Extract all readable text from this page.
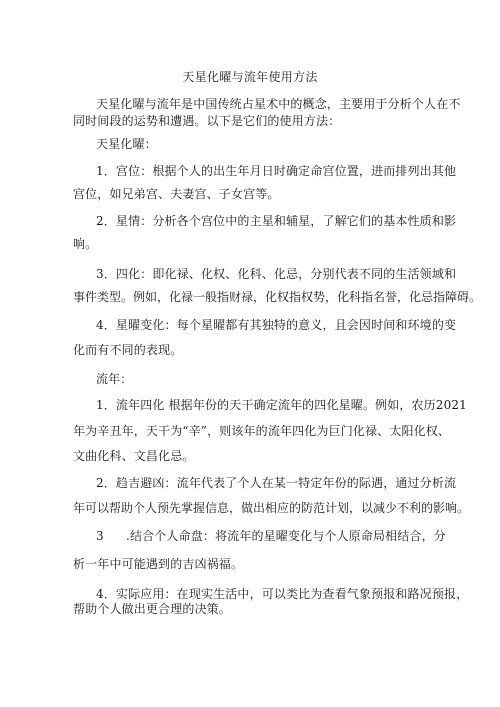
天星化曜与流年使用方法
天星化曜与流年是中国传统占星术中的概念，主要用于分析个人在不
同时间段的运势和遭遇。以下是它们的使用方法：
天星化曜：
1．宫位：根据个人的出生年月日时确定命宫位置，进而排列出其他
宫位，如兄弟宫、夫妻宫、子女宫等。
2．星情：分析各个宫位中的主星和辅星，了解它们的基本性质和影
响。
3．四化：即化禄、化权、化科、化忌，分别代表不同的生活领域和
事件类型。例如，化禄一般指财禄，化权指权势，化科指名誉，化忌指障碍。
4．星曜变化：每个星曜都有其独特的意义，且会因时间和环境的变
化而有不同的表现。
流年：
1．流年四化 根据年份的天干确定流年的四化星曜。例如，农历2021
年为辛丑年，天干为“辛”，则该年的流年四化为巨门化禄、太阳化权、
文曲化科、文昌化忌。
2．趋吉避凶：流年代表了个人在某一特定年份的际遇，通过分析流
年可以帮助个人预先掌握信息，做出相应的防范计划，以减少不利的影响。
3 .结合个人命盘：将流年的星曜变化与个人原命局相结合，分
析一年中可能遇到的吉凶祸福。
4．实际应用：在现实生活中，可以类比为查看气象预报和路况预报，
帮助个人做出更合理的决策。
